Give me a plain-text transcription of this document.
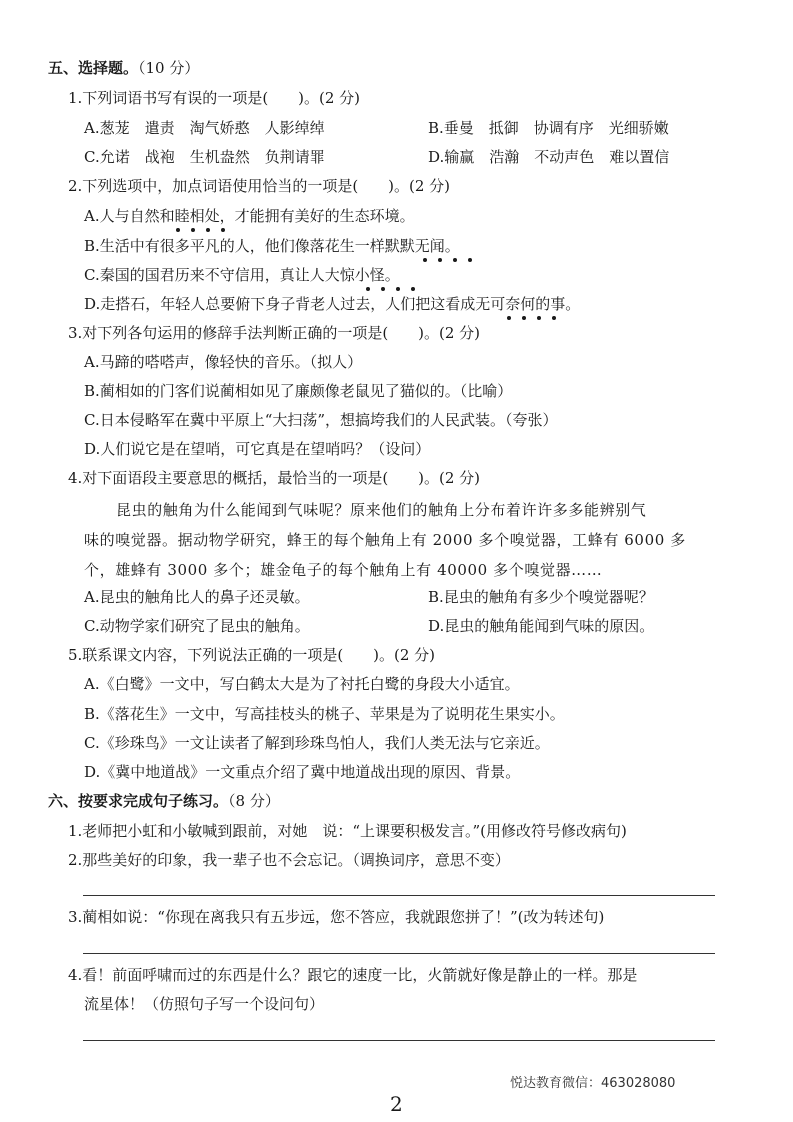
五、选择题。（10 分）
1.下列词语书写有误的一项是(　　)。(2 分)
A.葱茏　遣责　淘气娇憨　人影绰绰	B.垂曼　抵御　协调有序　光细骄嫩
C.允诺　战袍　生机盎然　负荆请罪	D.输赢　浩瀚　不动声色　难以置信
2.下列选项中，加点词语使用恰当的一项是(　　)。(2 分)
A.人与自然和睦相处，才能拥有美好的生态环境。
B.生活中有很多平凡的人，他们像落花生一样默默无闻。
C.秦国的国君历来不守信用，真让人大惊小怪。
D.走搭石，年轻人总要俯下身子背老人过去，人们把这看成无可奈何的事。
3.对下列各句运用的修辞手法判断正确的一项是(　　)。(2 分)
A.马蹄的嗒嗒声，像轻快的音乐。（拟人）
B.蔺相如的门客们说蔺相如见了廉颇像老鼠见了猫似的。（比喻）
C.日本侵略军在冀中平原上“大扫荡”，想搞垮我们的人民武装。（夸张）
D.人们说它是在望哨，可它真是在望哨吗？（设问）
4.对下面语段主要意思的概括，最恰当的一项是(　　)。(2 分)
昆虫的触角为什么能闻到气味呢？原来他们的触角上分布着许许多多能辨别气
味的嗅觉器。据动物学研究，蜂王的每个触角上有 2000 多个嗅觉器，工蜂有 6000 多
个，雄蜂有 3000 多个；雄金龟子的每个触角上有 40000 多个嗅觉器……
A.昆虫的触角比人的鼻子还灵敏。	B.昆虫的触角有多少个嗅觉器呢？
C.动物学家们研究了昆虫的触角。	D.昆虫的触角能闻到气味的原因。
5.联系课文内容，下列说法正确的一项是(　　)。(2 分)
A.《白鹭》一文中，写白鹤太大是为了衬托白鹭的身段大小适宜。
B.《落花生》一文中，写高挂枝头的桃子、苹果是为了说明花生果实小。
C.《珍珠鸟》一文让读者了解到珍珠鸟怕人，我们人类无法与它亲近。
D.《冀中地道战》一文重点介绍了冀中地道战出现的原因、背景。
六、按要求完成句子练习。（8 分）
1.老师把小虹和小敏喊到跟前，对她　说：“上课要积极发言。”(用修改符号修改病句)
2.那些美好的印象，我一辈子也不会忘记。（调换词序，意思不变）
3.蔺相如说：“你现在离我只有五步远，您不答应，我就跟您拼了！”(改为转述句)
4.看！前面呼啸而过的东西是什么？跟它的速度一比，火箭就好像是静止的一样。那是
流星体！（仿照句子写一个设问句）
悦达教育微信：463028080
2
